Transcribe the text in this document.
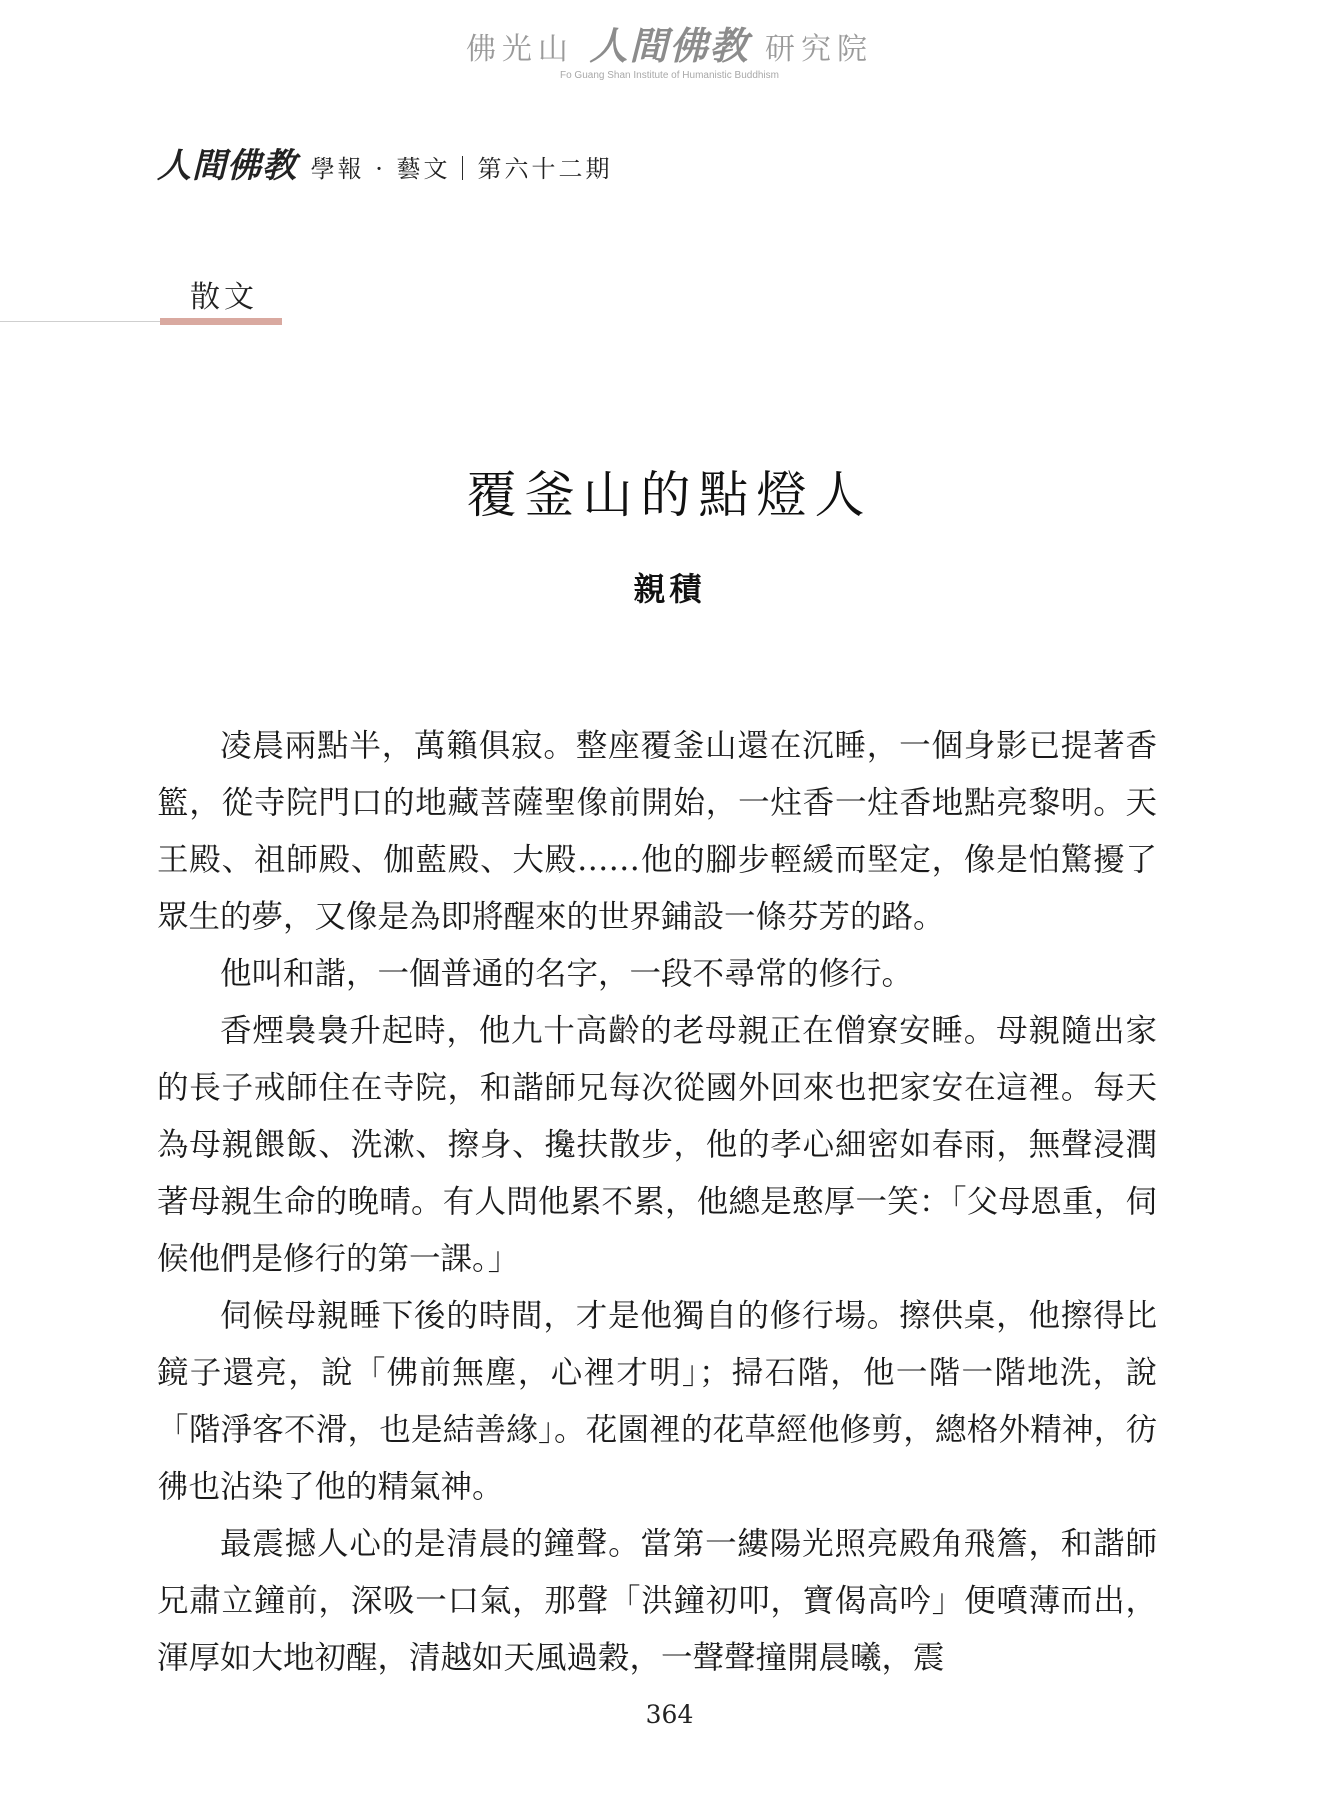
佛光山 人間佛教 研究院
Fo Guang Shan Institute of Humanistic Buddhism
人間佛教 學報 · 藝文｜第六十二期
散文
覆釜山的點燈人
親積

凌晨兩點半，萬籟俱寂。整座覆釜山還在沉睡，一個身影已提著香籃，從寺院門口的地藏菩薩聖像前開始，一炷香一炷香地點亮黎明。天王殿、祖師殿、伽藍殿、大殿……他的腳步輕緩而堅定，像是怕驚擾了眾生的夢，又像是為即將醒來的世界鋪設一條芬芳的路。

他叫和諧，一個普通的名字，一段不尋常的修行。

香煙裊裊升起時，他九十高齡的老母親正在僧寮安睡。母親隨出家的長子戒師住在寺院，和諧師兄每次從國外回來也把家安在這裡。每天為母親餵飯、洗漱、擦身、攙扶散步，他的孝心細密如春雨，無聲浸潤著母親生命的晚晴。有人問他累不累，他總是憨厚一笑：「父母恩重，伺候他們是修行的第一課。」

伺候母親睡下後的時間，才是他獨自的修行場。擦供桌，他擦得比鏡子還亮，說「佛前無塵，心裡才明」；掃石階，他一階一階地洗，說「階淨客不滑，也是結善緣」。花園裡的花草經他修剪，總格外精神，彷彿也沾染了他的精氣神。

最震撼人心的是清晨的鐘聲。當第一縷陽光照亮殿角飛簷，和諧師兄肅立鐘前，深吸一口氣，那聲「洪鐘初叩，寶偈高吟」便噴薄而出，渾厚如大地初醒，清越如天風過穀，一聲聲撞開晨曦，震

364
